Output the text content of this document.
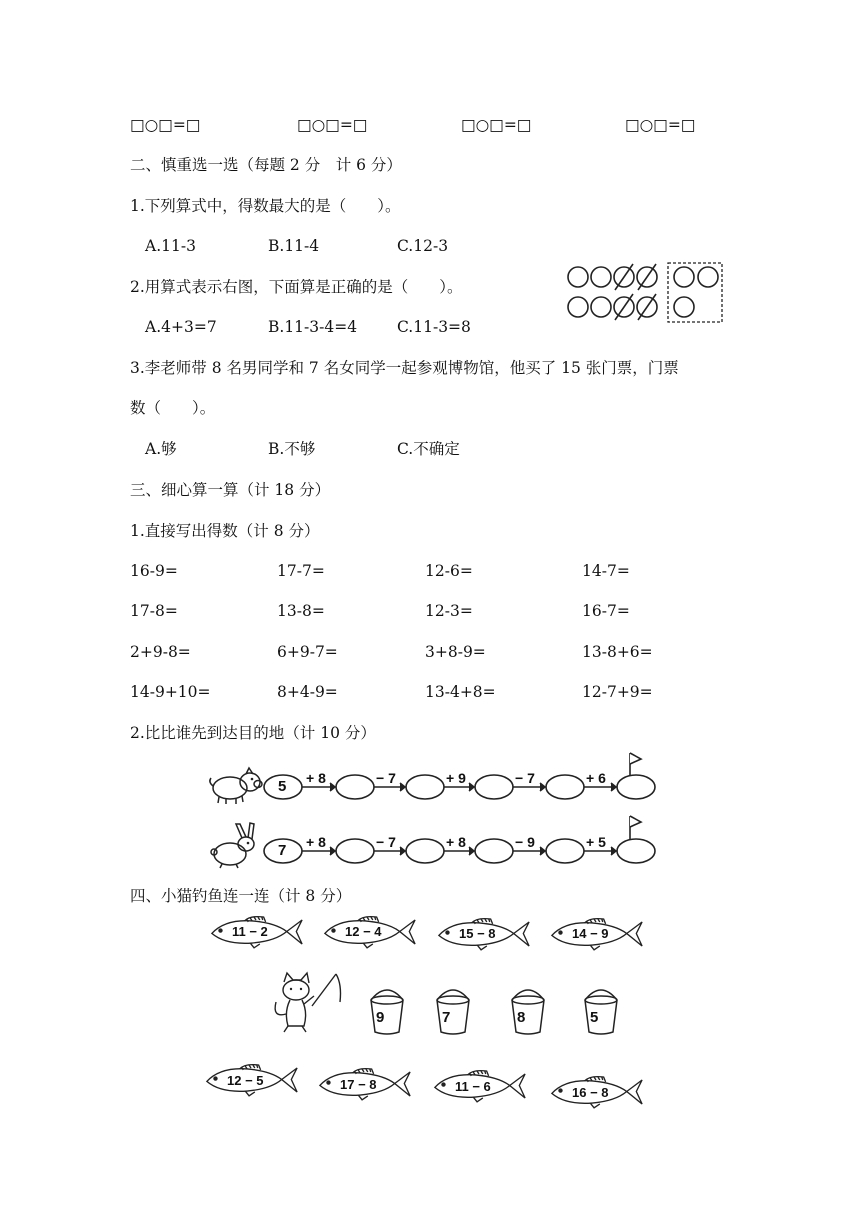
□○□=□	□○□=□	□○□=□	□○□=□
二、慎重选一选（每题 2 分　计 6 分）
1.下列算式中，得数最大的是（　　）。
A.11-3	B.11-4	C.12-3
2.用算式表示右图，下面算是正确的是（　　）。
A.4+3=7	B.11-3-4=4	C.11-3=8
3.李老师带 8 名男同学和 7 名女同学一起参观博物馆，他买了 15 张门票，门票
数（　　）。
A.够	B.不够	C.不确定
三、细心算一算（计 18 分）
1.直接写出得数（计 8 分）
16-9=	17-7=	12-6=	14-7=
17-8=	13-8=	12-3=	16-7=
2+9-8=	6+9-7=	3+8-9=	13-8+6=
14-9+10=	8+4-9=	13-4+8=	12-7+9=
2.比比谁先到达目的地（计 10 分）
5 + 8	− 7	+ 9	− 7	+ 6
7 + 8	− 7	+ 8	− 9	+ 5
四、小猫钓鱼连一连（计 8 分）
11 − 2	12 − 4	15 − 8	14 − 9
9	7	8	5
12 − 5	17 − 8	11 − 6	16 − 8
